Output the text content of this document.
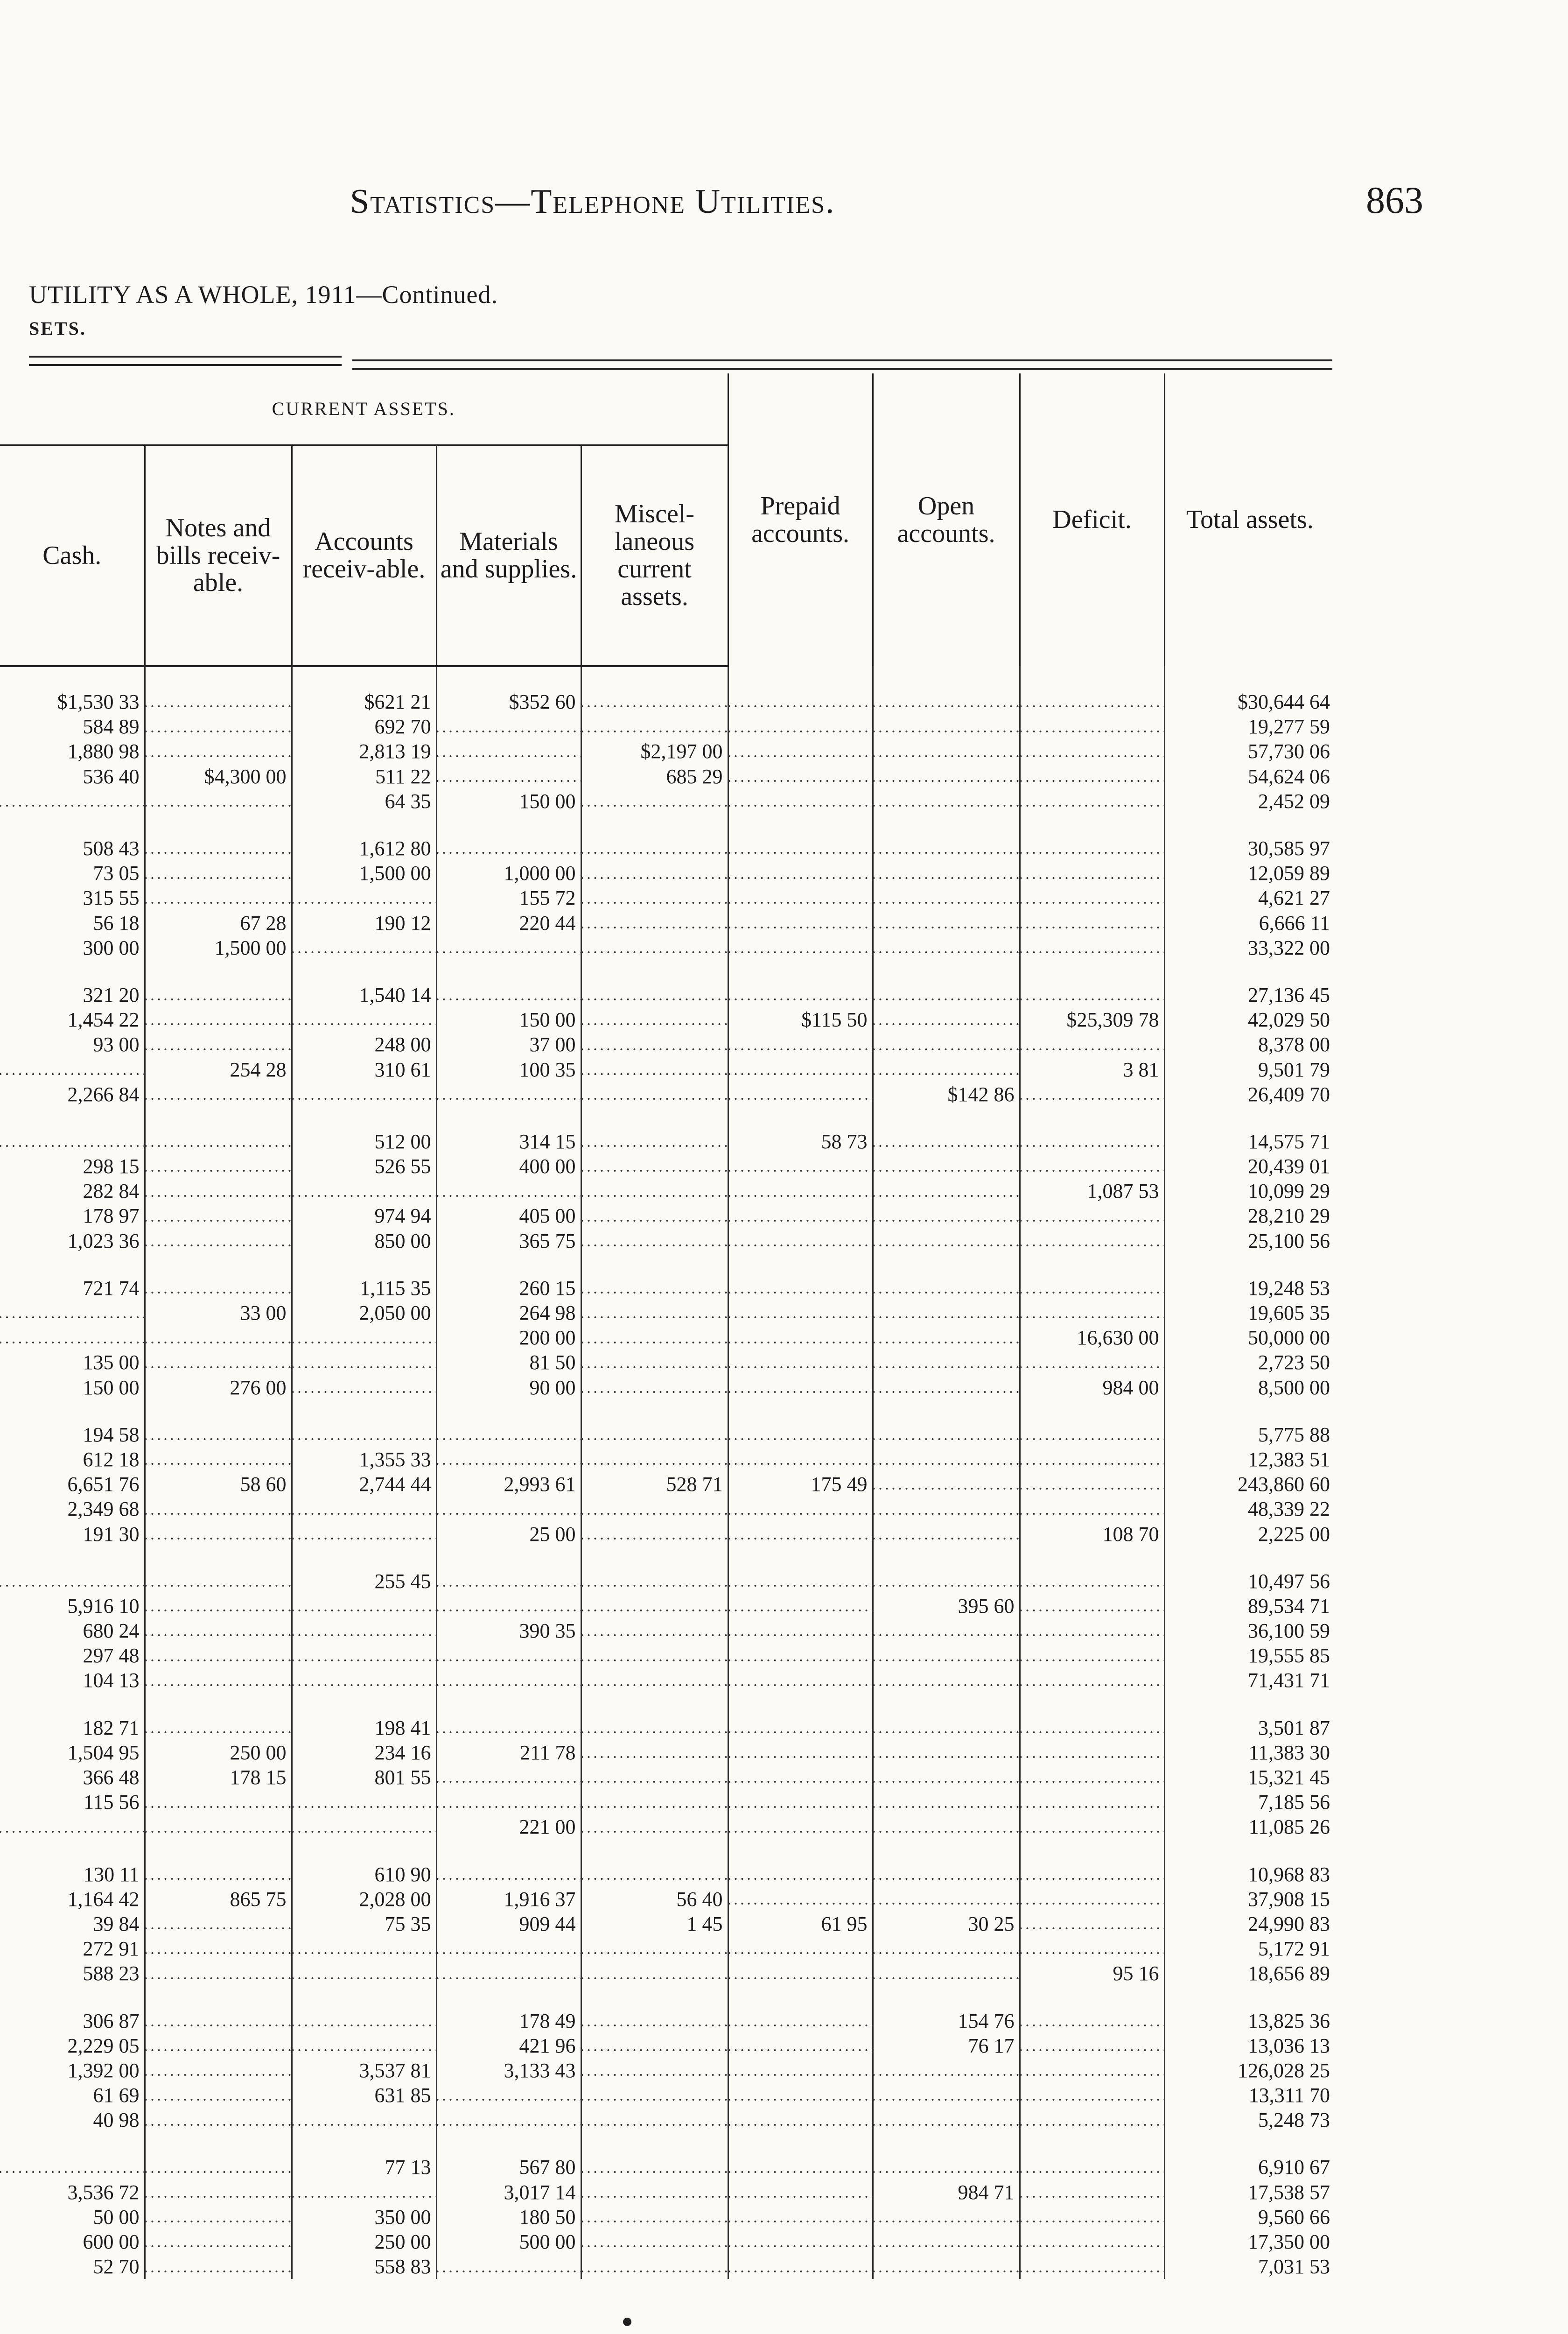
Statistics—Telephone Utilities.	863
UTILITY AS A WHOLE, 1911—Continued.
SETS.
CURRENT ASSETS.					Prepaid accounts.	Open accounts.	Deficit.	Total assets.
Cash.	Notes and bills receiv-able.	Accounts receiv-able.	Materials and supplies.	Miscel-laneous current assets.				

$1,530 33		$621 21	$352 60					$30,644 64
584 89		692 70						19,277 59
1,880 98		2,813 19		$2,197 00				57,730 06
536 40	$4,300 00	511 22		685 29				54,624 06
		64 35	150 00					2,452 09

508 43		1,612 80						30,585 97
73 05		1,500 00	1,000 00					12,059 89
315 55			155 72					4,621 27
56 18	67 28	190 12	220 44					6,666 11
300 00	1,500 00							33,322 00

321 20		1,540 14						27,136 45
1,454 22			150 00		$115 50		$25,309 78	42,029 50
93 00		248 00	37 00					8,378 00
	254 28	310 61	100 35				3 81	9,501 79
2,266 84						$142 86		26,409 70

		512 00	314 15		58 73			14,575 71
298 15		526 55	400 00					20,439 01
282 84							1,087 53	10,099 29
178 97		974 94	405 00					28,210 29
1,023 36		850 00	365 75					25,100 56

721 74		1,115 35	260 15					19,248 53
	33 00	2,050 00	264 98					19,605 35
			200 00				16,630 00	50,000 00
135 00			81 50					2,723 50
150 00	276 00		90 00				984 00	8,500 00

194 58								5,775 88
612 18		1,355 33						12,383 51
6,651 76	58 60	2,744 44	2,993 61	528 71	175 49			243,860 60
2,349 68								48,339 22
191 30			25 00				108 70	2,225 00

		255 45						10,497 56
5,916 10						395 60		89,534 71
680 24			390 35					36,100 59
297 48								19,555 85
104 13								71,431 71

182 71		198 41						3,501 87
1,504 95	250 00	234 16	211 78					11,383 30
366 48	178 15	801 55						15,321 45
115 56								7,185 56
			221 00					11,085 26

130 11		610 90						10,968 83
1,164 42	865 75	2,028 00	1,916 37	56 40				37,908 15
39 84		75 35	909 44	1 45	61 95	30 25		24,990 83
272 91								5,172 91
588 23							95 16	18,656 89

306 87			178 49			154 76		13,825 36
2,229 05			421 96			76 17		13,036 13
1,392 00		3,537 81	3,133 43					126,028 25
61 69		631 85						13,311 70
40 98								5,248 73

		77 13	567 80					6,910 67
3,536 72			3,017 14			984 71		17,538 57
50 00		350 00	180 50					9,560 66
600 00		250 00	500 00					17,350 00
52 70		558 83						7,031 53
